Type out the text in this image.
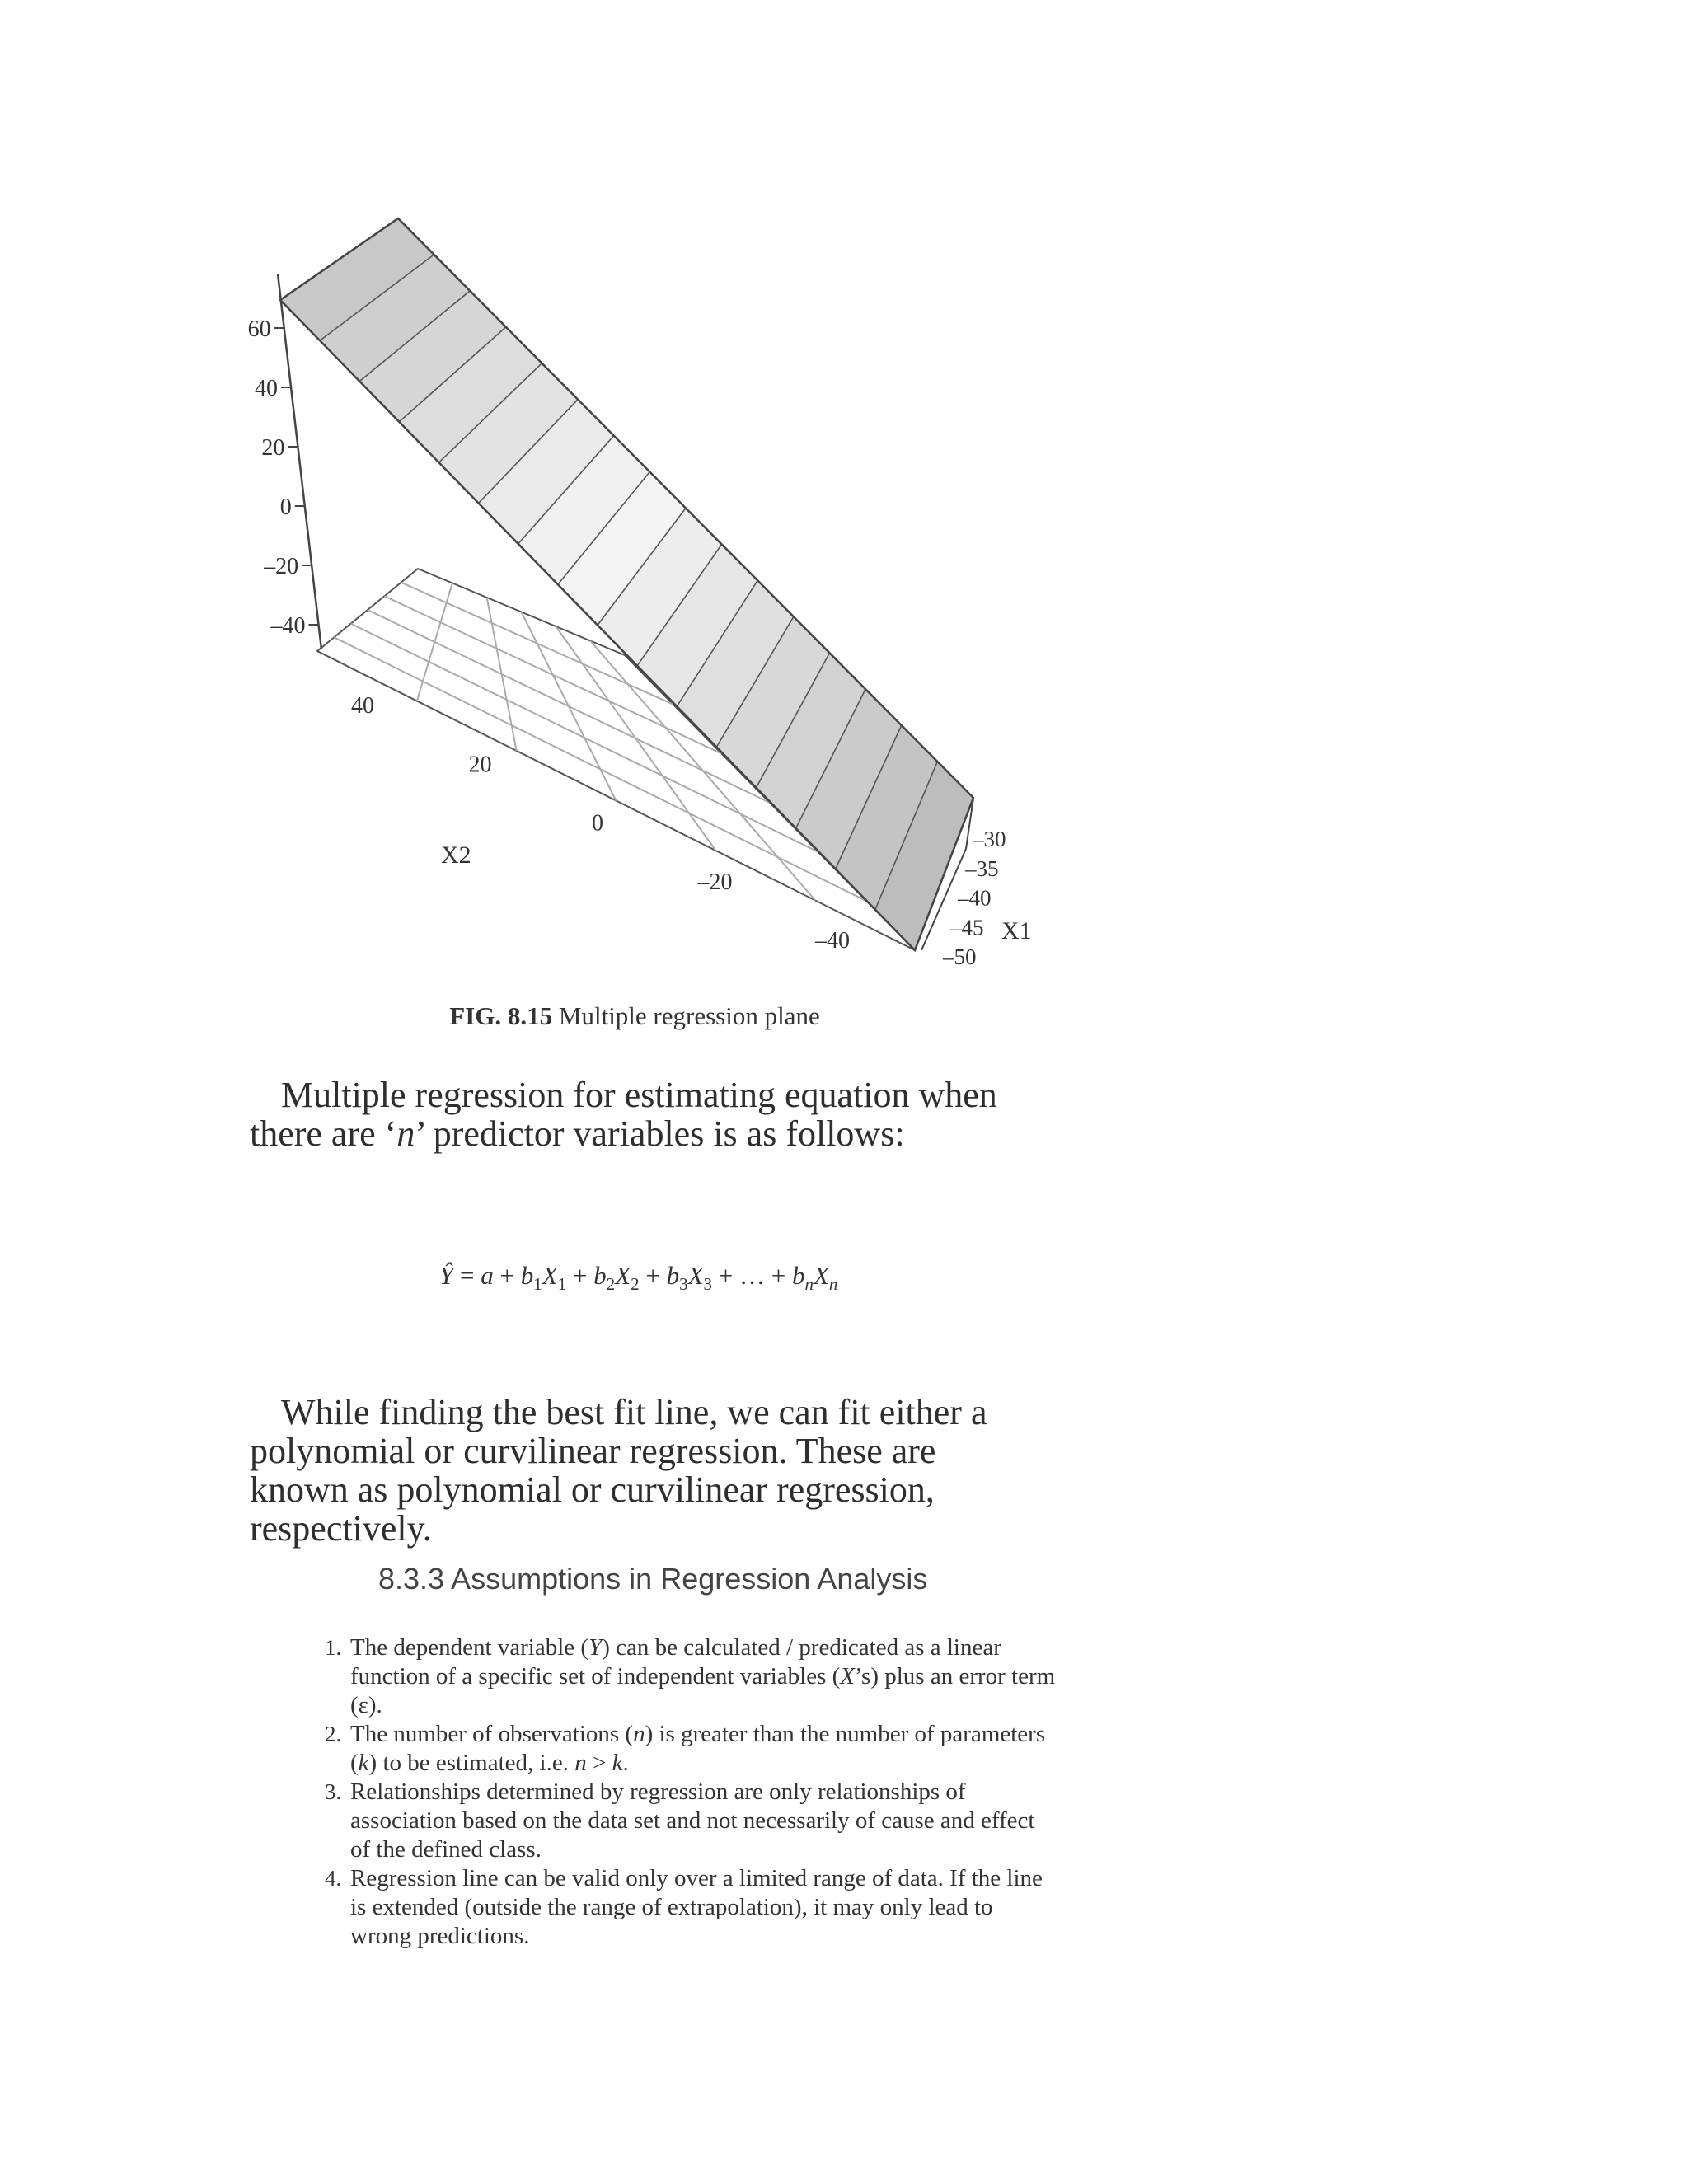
60
40
20
0
–20
–40
40
20
0
–20
–40
X2
–30
–35
–40
–45
–50
X1
FIG. 8.15 Multiple regression plane

Multiple regression for estimating equation when there are ‘n’ predictor variables is as follows:

Ŷ = $a + b_1X_1 + b_2X_2 + b_3X_3$ + … + $b_nX_n$

While finding the best fit line, we can fit either a polynomial or curvilinear regression. These are known as polynomial or curvilinear regression, respectively.

8.3.3 Assumptions in Regression Analysis
1. The dependent variable (Y) can be calculated / predicated as a linear function of a specific set of independent variables (X’s) plus an error term (ε).
2. The number of observations (n) is greater than the number of parameters (k) to be estimated, i.e. n > k.
3. Relationships determined by regression are only relationships of association based on the data set and not necessarily of cause and effect of the defined class.
4. Regression line can be valid only over a limited range of data. If the line is extended (outside the range of extrapolation), it may only lead to wrong predictions.
